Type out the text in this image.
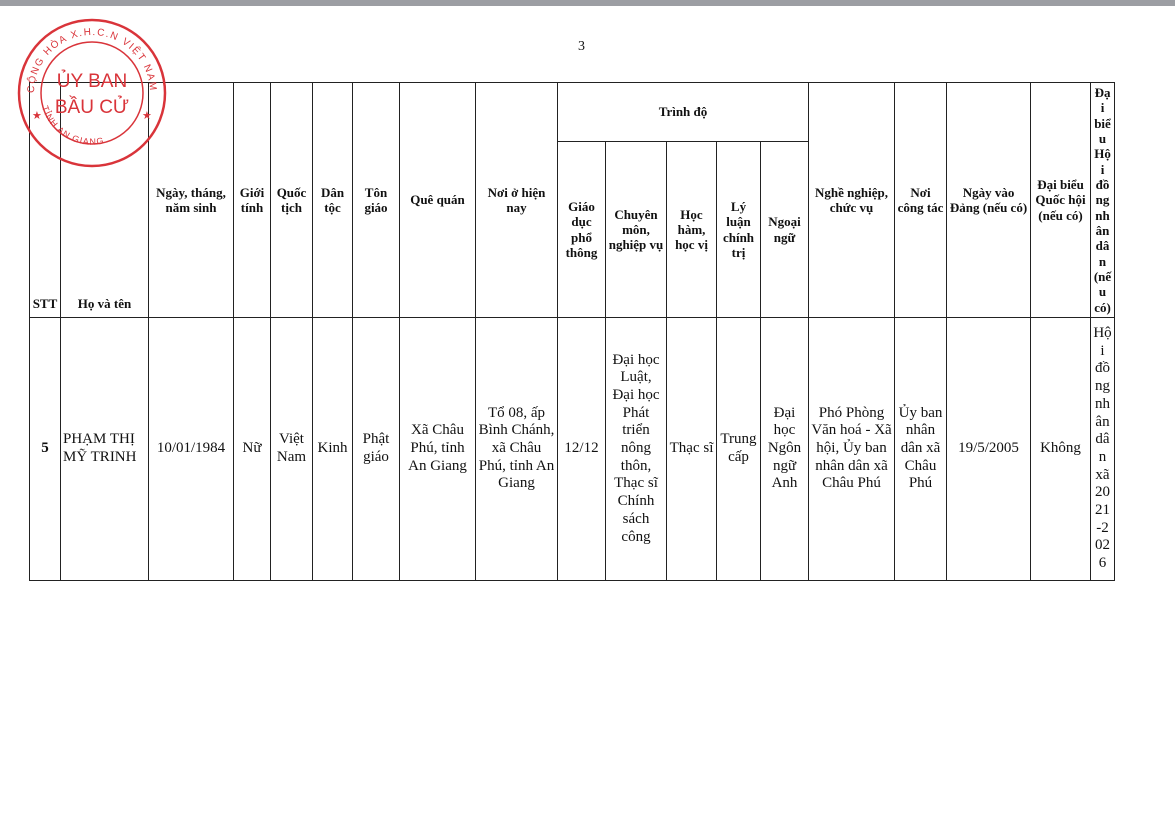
3
STT	Họ và tên	Ngày, tháng, năm sinh	Giới tính	Quốc tịch	Dân tộc	Tôn giáo	Quê quán	Nơi ở hiện nay	Trình độ					Nghề nghiệp, chức vụ	Nơi công tác	Ngày vào Đảng (nếu có)	Đại biểu Quốc hội (nếu có)	Đại biểu Hội đồng nhân dân (nếu có)
									Giáo dục phổ thông	Chuyên môn, nghiệp vụ	Học hàm, học vị	Lý luận chính trị	Ngoại ngữ					
5	PHẠM THỊ MỸ TRINH	10/01/1984	Nữ	Việt Nam	Kinh	Phật giáo	Xã Châu Phú, tỉnh An Giang	Tổ 08, ấp Bình Chánh, xã Châu Phú, tỉnh An Giang	12/12	Đại học Luật, Đại học Phát triển nông thôn, Thạc sĩ Chính sách công	Thạc sĩ	Trung cấp	Đại học Ngôn ngữ Anh	Phó Phòng Văn hoá - Xã hội, Ủy ban nhân dân xã Châu Phú	Ủy ban nhân dân xã Châu Phú	19/5/2005	Không	Hội đồng nhân dân xã 2021-2026
CỘNG HÒA X.H.C.N VIỆT NAM
TỈNH AN GIANG
★	★
ỦY BAN
BẦU CỬ
